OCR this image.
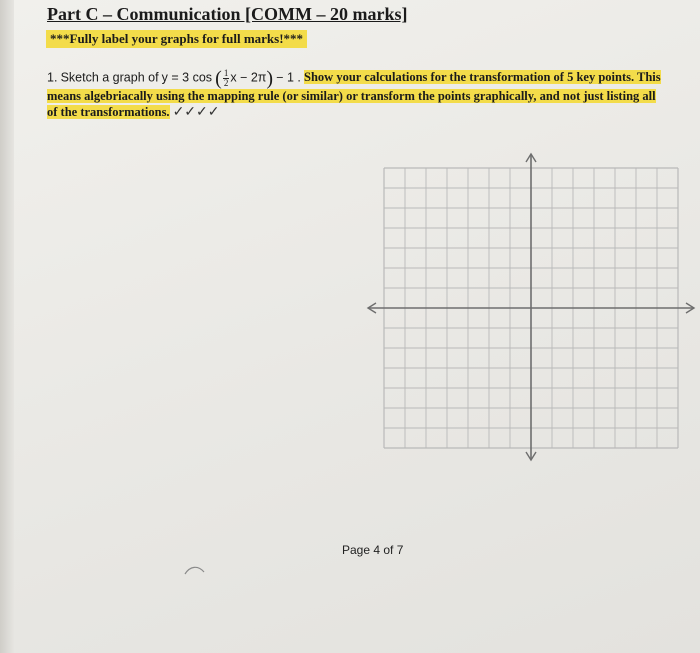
Part C – Communication [COMM – 20 marks]
***Fully label your graphs for full marks!***
1. Sketch a graph of y = 3 cos ( $\frac{1}{2}$ x − 2π) − 1 . Show your calculations for the transformation of 5 key points. This
means algebriacally using the mapping rule (or similar) or transform the points graphically, and not just listing all
of the transformations. ✓✓✓✓
Page 4 of 7
